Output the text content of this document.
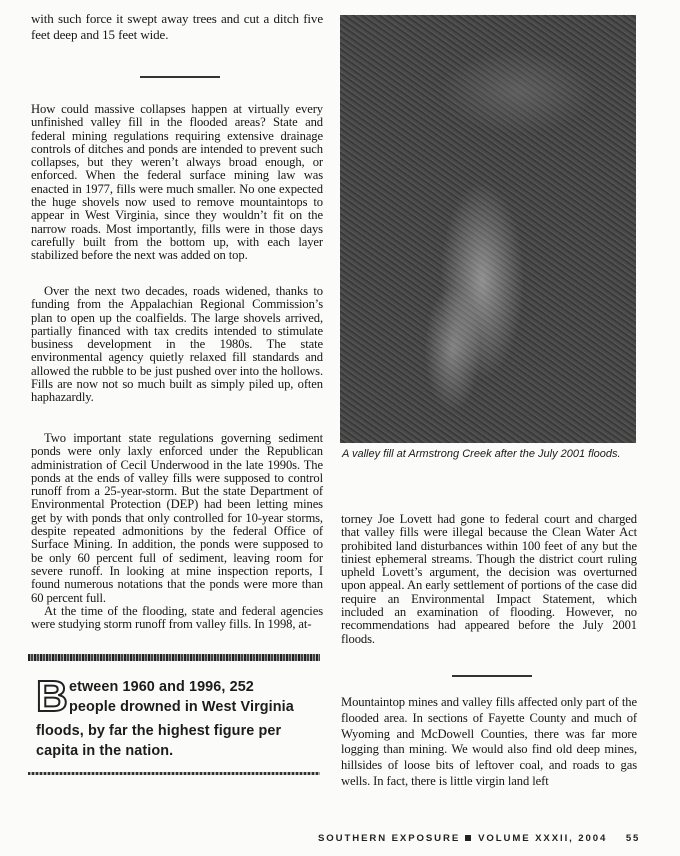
with such force it swept away trees and cut a ditch five feet deep and 15 feet wide.

How could massive collapses happen at virtually every unfinished valley fill in the flooded areas? State and federal mining regulations requiring extensive drainage controls of ditches and ponds are intended to prevent such collapses, but they weren’t always broad enough, or enforced. When the federal surface mining law was enacted in 1977, fills were much smaller. No one expected the huge shovels now used to remove mountaintops to appear in West Virginia, since they wouldn’t fit on the narrow roads. Most importantly, fills were in those days carefully built from the bottom up, with each layer stabilized before the next was added on top.

Over the next two decades, roads widened, thanks to funding from the Appalachian Regional Commission’s plan to open up the coalfields. The large shovels arrived, partially financed with tax credits intended to stimulate business development in the 1980s. The state environmental agency quietly relaxed fill standards and allowed the rubble to be just pushed over into the hollows. Fills are now not so much built as simply piled up, often haphazardly.

Two important state regulations governing sediment ponds were only laxly enforced under the Republican administration of Cecil Underwood in the late 1990s. The ponds at the ends of valley fills were supposed to control runoff from a 25-year-storm. But the state Department of Environmental Protection (DEP) had been letting mines get by with ponds that only controlled for 10-year storms, despite repeated admonitions by the federal Office of Surface Mining. In addition, the ponds were supposed to be only 60 percent full of sediment, leaving room for severe runoff. In looking at mine inspection reports, I found numerous notations that the ponds were more than 60 percent full.

At the time of the flooding, state and federal agencies were studying storm runoff from valley fills. In 1998, at-

A valley fill at Armstrong Creek after the July 2001 floods.

torney Joe Lovett had gone to federal court and charged that valley fills were illegal because the Clean Water Act prohibited land disturbances within 100 feet of any but the tiniest ephemeral streams. Though the district court ruling upheld Lovett’s argument, the decision was overturned upon appeal. An early settlement of portions of the case did require an Environmental Impact Statement, which included an examination of flooding. However, no recommendations had appeared before the July 2001 floods.

Mountaintop mines and valley fills affected only part of the flooded area. In sections of Fayette County and much of Wyoming and McDowell Counties, there was far more logging than mining. We would also find old deep mines, hillsides of loose bits of leftover coal, and roads to gas wells. In fact, there is little virgin land left

B etween 1960 and 1996, 252

people drowned in West Virginia

floods, by far the highest figure per

capita in the nation.

SOUTHERN EXPOSURE VOLUME XXXII, 2004 55
